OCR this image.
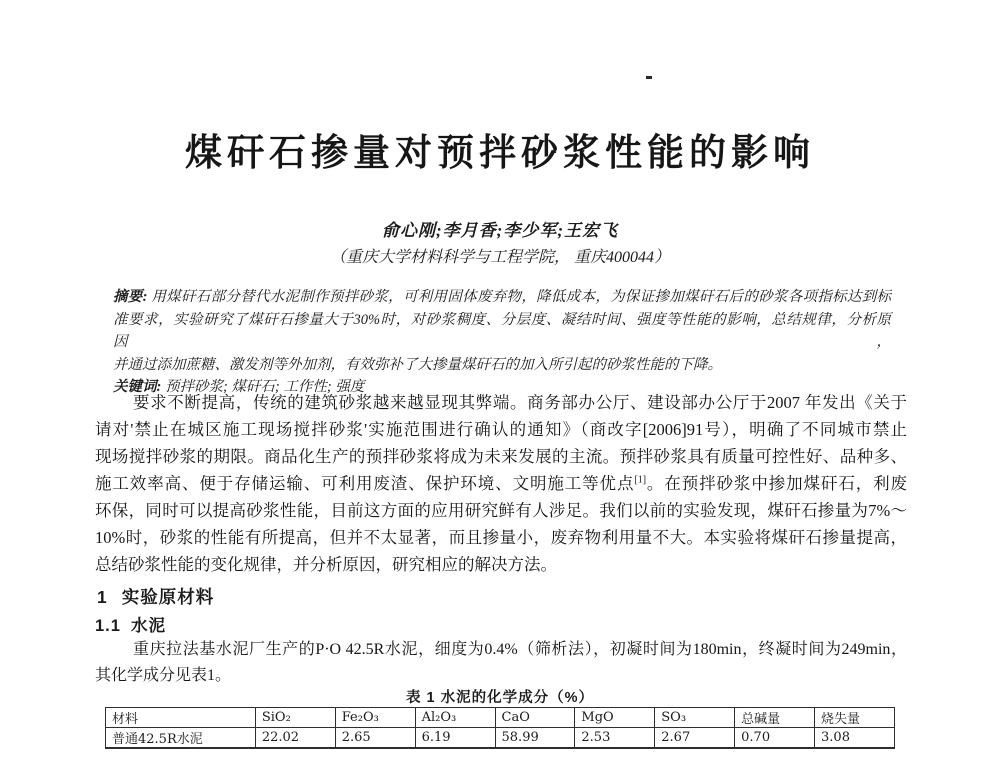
煤矸石掺量对预拌砂浆性能的影响
俞心刚;李月香;李少军;王宏飞
（重庆大学材料科学与工程学院， 重庆400044）
摘要: 用煤矸石部分替代水泥制作预拌砂浆，可利用固体废弃物，降低成本，为保证掺加煤矸石后的砂浆各项指标达到标
准要求，实验研究了煤矸石掺量大于30%时，对砂浆稠度、分层度、凝结时间、强度等性能的影响，总结规律，分析原因，
并通过添加蔗糖、激发剂等外加剂，有效弥补了大掺量煤矸石的加入所引起的砂浆性能的下降。
关键词: 预拌砂浆; 煤矸石; 工作性; 强度
要求不断提高，传统的建筑砂浆越来越显现其弊端。商务部办公厅、建设部办公厅于2007 年发出《关于
请对'禁止在城区施工现场搅拌砂浆'实施范围进行确认的通知》（商改字[2006]91号），明确了不同城市禁止
现场搅拌砂浆的期限。商品化生产的预拌砂浆将成为未来发展的主流。预拌砂浆具有质量可控性好、品种多、
施工效率高、便于存储运输、可利用废渣、保护环境、文明施工等优点[1]。在预拌砂浆中掺加煤矸石，利废
环保，同时可以提高砂浆性能，目前这方面的应用研究鲜有人涉足。我们以前的实验发现，煤矸石掺量为7%～
10%时，砂浆的性能有所提高，但并不太显著，而且掺量小，废弃物利用量不大。本实验将煤矸石掺量提高，
总结砂浆性能的变化规律，并分析原因，研究相应的解决方法。
1 实验原材料
1.1 水泥
重庆拉法基水泥厂生产的P·O 42.5R水泥，细度为0.4%（筛析法），初凝时间为180min，终凝时间为249min，
其化学成分见表1。
表 1 水泥的化学成分（%）
材料	SiO₂	Fe₂O₃	Al₂O₃	CaO	MgO	SO₃	总碱量	烧失量
普通42.5R水泥	22.02	2.65	6.19	58.99	2.53	2.67	0.70	3.08
